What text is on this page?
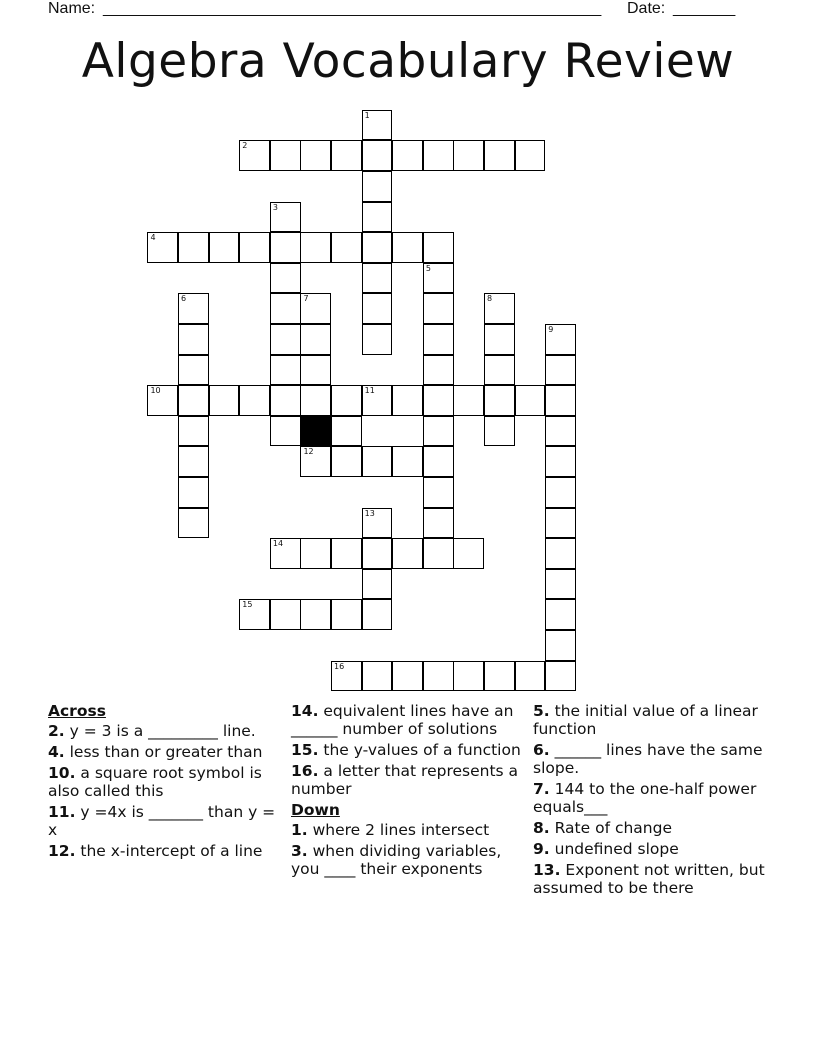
Name: ________________________________________________________ Date: _______
Algebra Vocabulary Review
1
2
3
4
5
6	7	8
9
10	11
12
13
14
15
16
Across
2. y = 3 is a _________ line.
4. less than or greater than
10. a square root symbol is also called this
11. y =4x is _______ than y = x
12. the x-intercept of a line
14. equivalent lines have an ______ number of solutions
15. the y-values of a function
16. a letter that represents a number
Down
1. where 2 lines intersect
3. when dividing variables, you ____ their exponents
5. the initial value of a linear function
6. ______ lines have the same slope.
7. 144 to the one-half power equals___
8. Rate of change
9. undefined slope
13. Exponent not written, but assumed to be there
